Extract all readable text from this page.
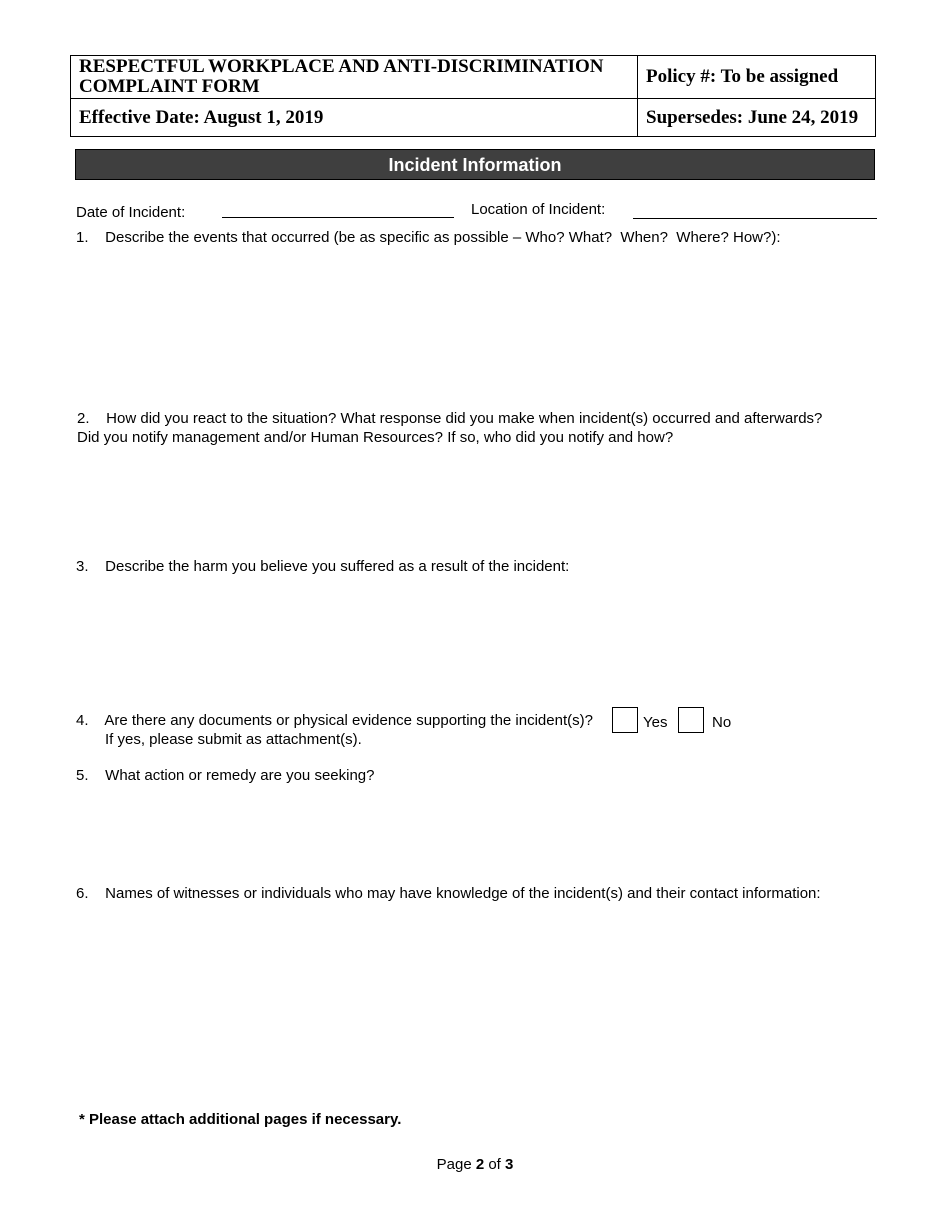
RESPECTFUL WORKPLACE AND ANTI-DISCRIMINATION COMPLAINT FORM	Policy #: To be assigned
Effective Date: August 1, 2019	Supersedes: June 24, 2019
Incident Information
Date of Incident:	Location of Incident:
1.    Describe the events that occurred (be as specific as possible – Who? What?  When?  Where? How?):
2.    How did you react to the situation? What response did you make when incident(s) occurred and afterwards? Did you notify management and/or Human Resources? If so, who did you notify and how?
3.    Describe the harm you believe you suffered as a result of the incident:
4.    Are there any documents or physical evidence supporting the incident(s)?	Yes	No
If yes, please submit as attachment(s).
5.    What action or remedy are you seeking?
6.    Names of witnesses or individuals who may have knowledge of the incident(s) and their contact information:
* Please attach additional pages if necessary.
Page 2 of 3
